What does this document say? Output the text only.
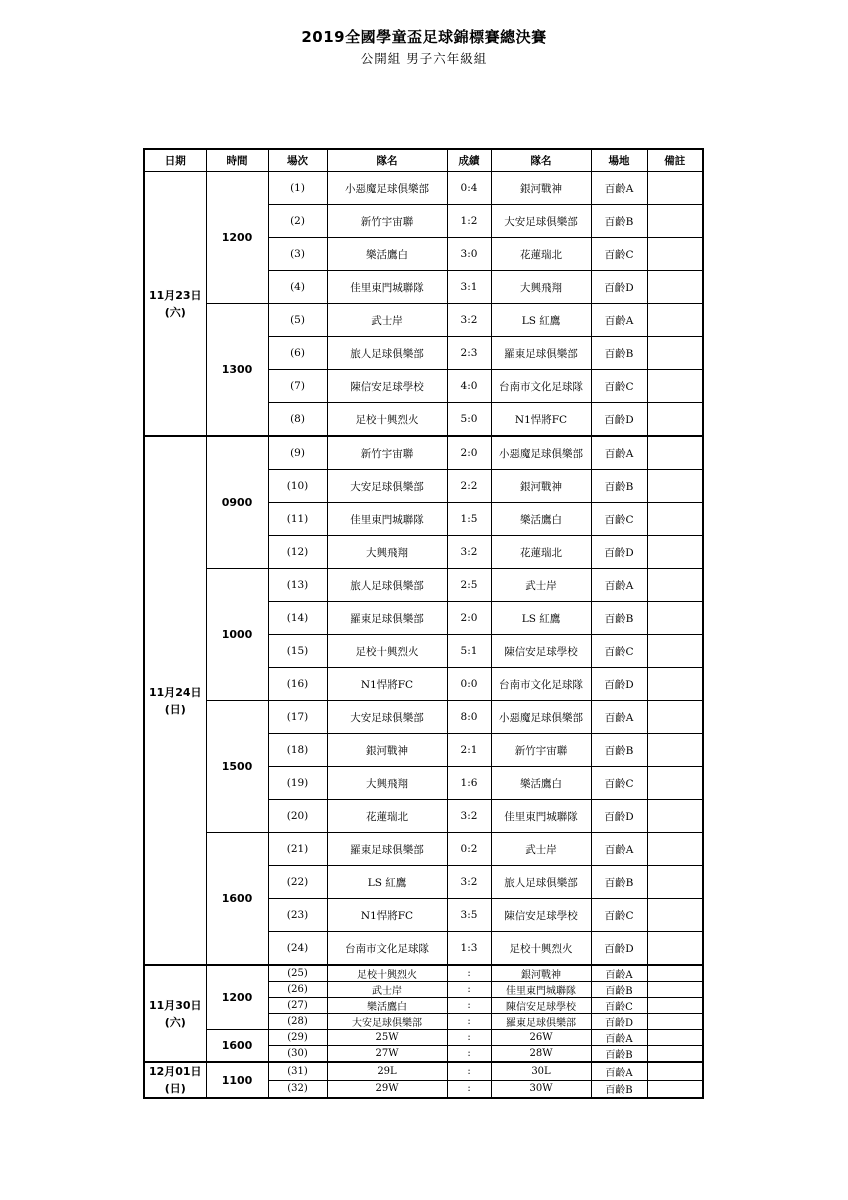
2019全國學童盃足球錦標賽總決賽
公開組 男子六年級組
日期	時間	場次	隊名	成績	隊名	場地	備註

11月23日
(六)	1200	(1)	小惡魔足球俱樂部	0:4	銀河戰神	百齡A	
		(2)	新竹宇宙聯	1:2	大安足球俱樂部	百齡B	
		(3)	樂活鷹白	3:0	花蓮瑞北	百齡C	
		(4)	佳里東門城聯隊	3:1	大興飛翔	百齡D	
	1300	(5)	武士岸	3:2	LS 紅鷹	百齡A	
		(6)	旅人足球俱樂部	2:3	羅東足球俱樂部	百齡B	
		(7)	陳信安足球學校	4:0	台南市文化足球隊	百齡C	
		(8)	足校十興烈火	5:0	N1悍將FC	百齡D	

11月24日
(日)	0900	(9)	新竹宇宙聯	2:0	小惡魔足球俱樂部	百齡A	
		(10)	大安足球俱樂部	2:2	銀河戰神	百齡B	
		(11)	佳里東門城聯隊	1:5	樂活鷹白	百齡C	
		(12)	大興飛翔	3:2	花蓮瑞北	百齡D	
	1000	(13)	旅人足球俱樂部	2:5	武士岸	百齡A	
		(14)	羅東足球俱樂部	2:0	LS 紅鷹	百齡B	
		(15)	足校十興烈火	5:1	陳信安足球學校	百齡C	
		(16)	N1悍將FC	0:0	台南市文化足球隊	百齡D	
	1500	(17)	大安足球俱樂部	8:0	小惡魔足球俱樂部	百齡A	
		(18)	銀河戰神	2:1	新竹宇宙聯	百齡B	
		(19)	大興飛翔	1:6	樂活鷹白	百齡C	
		(20)	花蓮瑞北	3:2	佳里東門城聯隊	百齡D	
	1600	(21)	羅東足球俱樂部	0:2	武士岸	百齡A	
		(22)	LS 紅鷹	3:2	旅人足球俱樂部	百齡B	
		(23)	N1悍將FC	3:5	陳信安足球學校	百齡C	
		(24)	台南市文化足球隊	1:3	足校十興烈火	百齡D	

11月30日
(六)	1200	(25)	足校十興烈火	:	銀河戰神	百齡A	
		(26)	武士岸	:	佳里東門城聯隊	百齡B	
		(27)	樂活鷹白	:	陳信安足球學校	百齡C	
		(28)	大安足球俱樂部	:	羅東足球俱樂部	百齡D	
	1600	(29)	25W	:	26W	百齡A	
		(30)	27W	:	28W	百齡B	

12月01日
(日)	1100	(31)	29L	:	30L	百齡A	
		(32)	29W	:	30W	百齡B	
